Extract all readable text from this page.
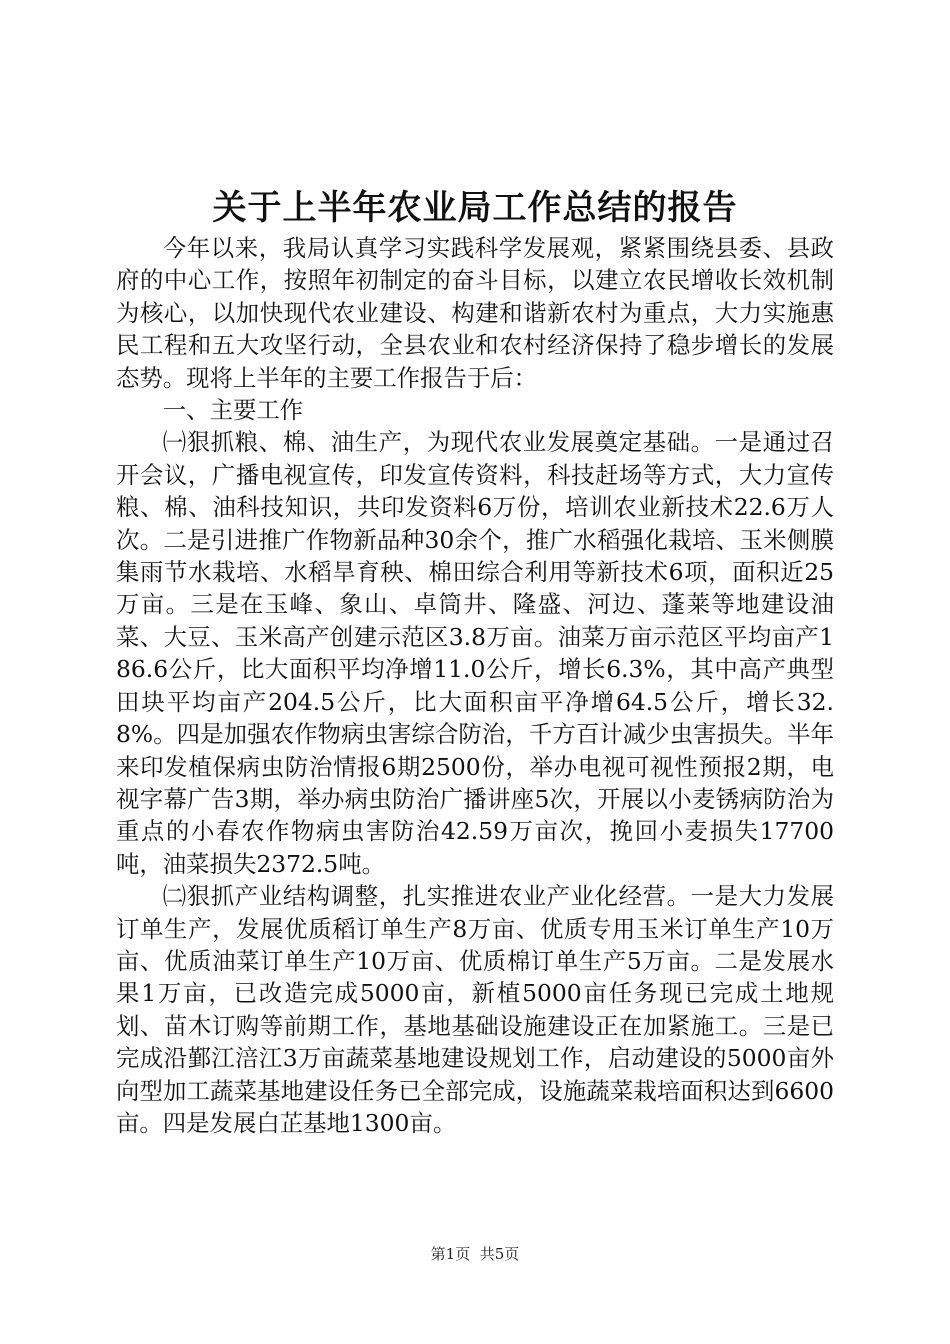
关于上半年农业局工作总结的报告

今年以来，我局认真学习实践科学发展观，紧紧围绕县委、县政府的中心工作，按照年初制定的奋斗目标，以建立农民增收长效机制为核心，以加快现代农业建设、构建和谐新农村为重点，大力实施惠民工程和五大攻坚行动，全县农业和农村经济保持了稳步增长的发展态势。现将上半年的主要工作报告于后：

一、主要工作

㈠狠抓粮、棉、油生产，为现代农业发展奠定基础。一是通过召开会议，广播电视宣传，印发宣传资料，科技赶场等方式，大力宣传粮、棉、油科技知识，共印发资料6万份，培训农业新技术22.6万人次。二是引进推广作物新品种30余个，推广水稻强化栽培、玉米侧膜集雨节水栽培、水稻旱育秧、棉田综合利用等新技术6项，面积近25万亩。三是在玉峰、象山、卓筒井、隆盛、河边、蓬莱等地建设油菜、大豆、玉米高产创建示范区3.8万亩。油菜万亩示范区平均亩产186.6公斤，比大面积平均净增11.0公斤，增长6.3%，其中高产典型田块平均亩产204.5公斤，比大面积亩平净增64.5公斤，增长32.8%。四是加强农作物病虫害综合防治，千方百计减少虫害损失。半年来印发植保病虫防治情报6期2500份，举办电视可视性预报2期，电视字幕广告3期，举办病虫防治广播讲座5次，开展以小麦锈病防治为重点的小春农作物病虫害防治42.59万亩次，挽回小麦损失17700吨，油菜损失2372.5吨。

㈡狠抓产业结构调整，扎实推进农业产业化经营。一是大力发展订单生产，发展优质稻订单生产8万亩、优质专用玉米订单生产10万亩、优质油菜订单生产10万亩、优质棉订单生产5万亩。二是发展水果1万亩，已改造完成5000亩，新植5000亩任务现已完成土地规划、苗木订购等前期工作，基地基础设施建设正在加紧施工。三是已完成沿鄞江涪江3万亩蔬菜基地建设规划工作，启动建设的5000亩外向型加工蔬菜基地建设任务已全部完成，设施蔬菜栽培面积达到6600亩。四是发展白芷基地1300亩。

第1页 共5页
